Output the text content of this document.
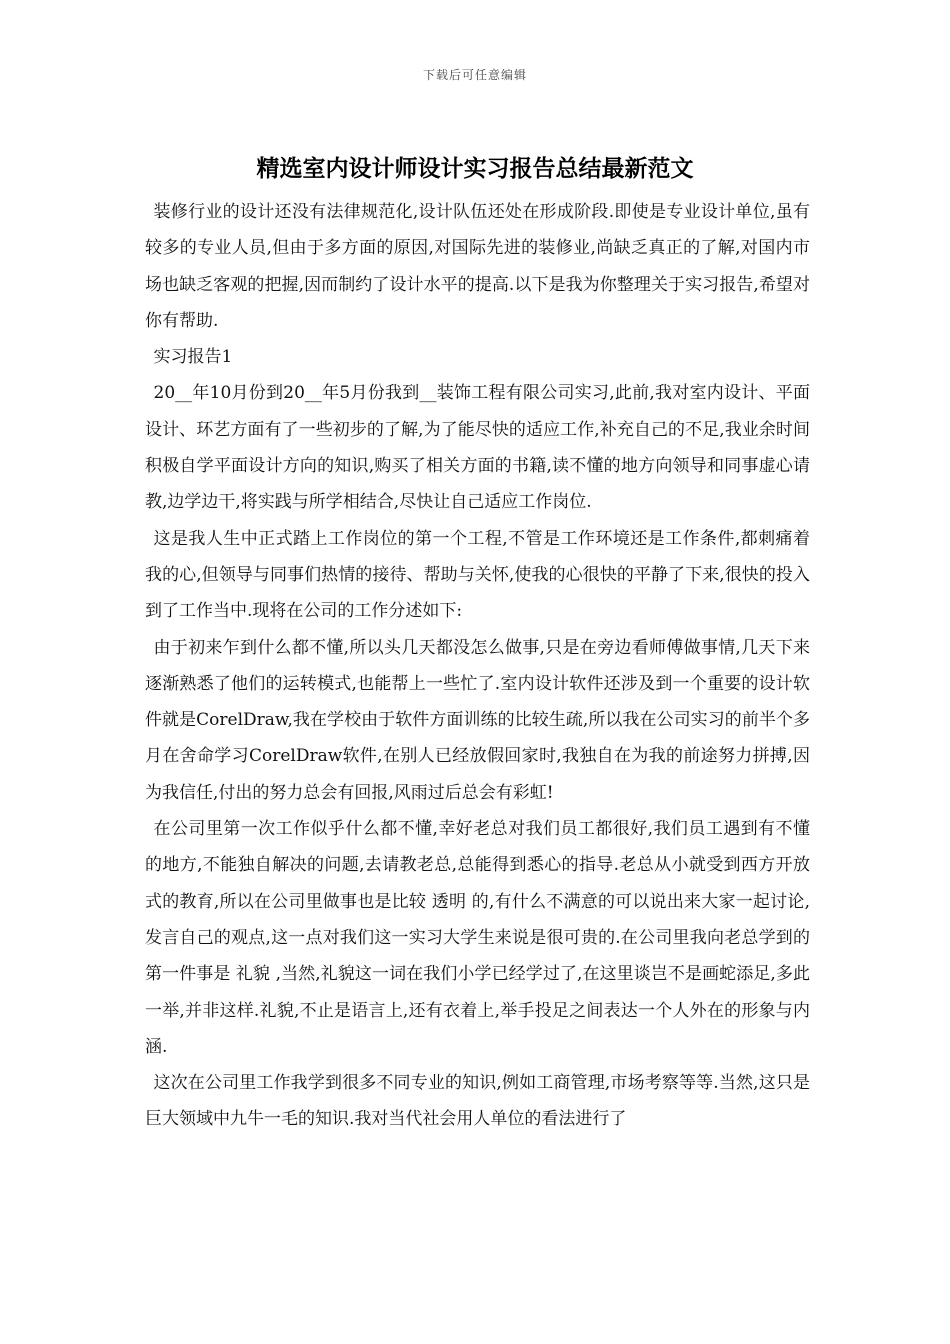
下载后可任意编辑
精选室内设计师设计实习报告总结最新范文

装修行业的设计还没有法律规范化,设计队伍还处在形成阶段.即使是专业设计单位,虽有较多的专业人员,但由于多方面的原因,对国际先进的装修业,尚缺乏真正的了解,对国内市场也缺乏客观的把握,因而制约了设计水平的提高.以下是我为你整理关于实习报告,希望对你有帮助.

实习报告1

20__年10月份到20__年5月份我到__装饰工程有限公司实习,此前,我对室内设计、平面设计、环艺方面有了一些初步的了解,为了能尽快的适应工作,补充自己的不足,我业余时间积极自学平面设计方向的知识,购买了相关方面的书籍,读不懂的地方向领导和同事虚心请教,边学边干,将实践与所学相结合,尽快让自己适应工作岗位.

这是我人生中正式踏上工作岗位的第一个工程,不管是工作环境还是工作条件,都刺痛着我的心,但领导与同事们热情的接待、帮助与关怀,使我的心很快的平静了下来,很快的投入到了工作当中.现将在公司的工作分述如下:

由于初来乍到什么都不懂,所以头几天都没怎么做事,只是在旁边看师傅做事情,几天下来逐渐熟悉了他们的运转模式,也能帮上一些忙了.室内设计软件还涉及到一个重要的设计软件就是CorelDraw,我在学校由于软件方面训练的比较生疏,所以我在公司实习的前半个多月在舍命学习CorelDraw软件,在别人已经放假回家时,我独自在为我的前途努力拼搏,因为我信任,付出的努力总会有回报,风雨过后总会有彩虹!

在公司里第一次工作似乎什么都不懂,幸好老总对我们员工都很好,我们员工遇到有不懂的地方,不能独自解决的问题,去请教老总,总能得到悉心的指导.老总从小就受到西方开放式的教育,所以在公司里做事也是比较 透明 的,有什么不满意的可以说出来大家一起讨论,发言自己的观点,这一点对我们这一实习大学生来说是很可贵的.在公司里我向老总学到的第一件事是 礼貌 ,当然,礼貌这一词在我们小学已经学过了,在这里谈岂不是画蛇添足,多此一举,并非这样.礼貌,不止是语言上,还有衣着上,举手投足之间表达一个人外在的形象与内涵.

这次在公司里工作我学到很多不同专业的知识,例如工商管理,市场考察等等.当然,这只是巨大领域中九牛一毛的知识.我对当代社会用人单位的看法进行了
